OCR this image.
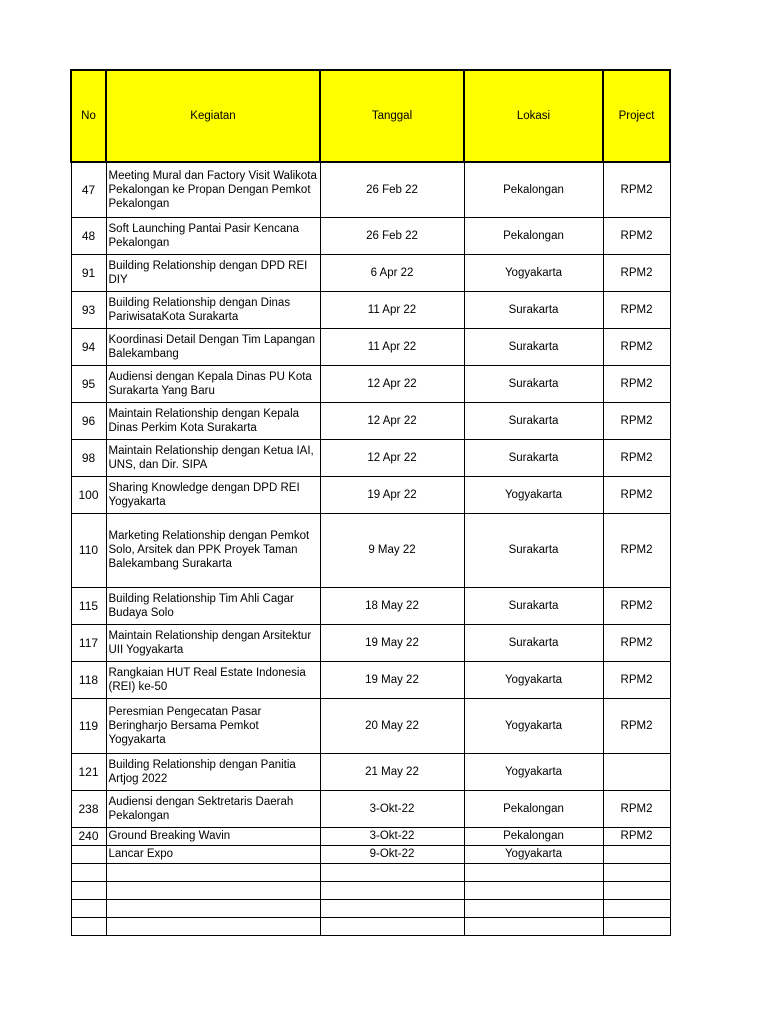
No	Kegiatan	Tanggal	Lokasi	Project
47	Meeting Mural dan Factory Visit Walikota Pekalongan ke Propan Dengan Pemkot Pekalongan	26 Feb 22	Pekalongan	RPM2
48	Soft Launching Pantai Pasir Kencana Pekalongan	26 Feb 22	Pekalongan	RPM2
91	Building Relationship dengan DPD REI DIY	6 Apr 22	Yogyakarta	RPM2
93	Building Relationship dengan Dinas PariwisataKota Surakarta	11 Apr 22	Surakarta	RPM2
94	Koordinasi Detail Dengan Tim Lapangan Balekambang	11 Apr 22	Surakarta	RPM2
95	Audiensi dengan Kepala Dinas PU Kota Surakarta Yang Baru	12 Apr 22	Surakarta	RPM2
96	Maintain Relationship dengan Kepala Dinas Perkim Kota Surakarta	12 Apr 22	Surakarta	RPM2
98	Maintain Relationship dengan Ketua IAI, UNS, dan Dir. SIPA	12 Apr 22	Surakarta	RPM2
100	Sharing Knowledge dengan DPD REI Yogyakarta	19 Apr 22	Yogyakarta	RPM2
110	Marketing Relationship dengan Pemkot Solo, Arsitek dan PPK Proyek Taman Balekambang Surakarta	9 May 22	Surakarta	RPM2
115	Building Relationship Tim Ahli Cagar Budaya Solo	18 May 22	Surakarta	RPM2
117	Maintain Relationship dengan Arsitektur UII Yogyakarta	19 May 22	Surakarta	RPM2
118	Rangkaian HUT Real Estate Indonesia (REI) ke-50	19 May 22	Yogyakarta	RPM2
119	Peresmian Pengecatan Pasar Beringharjo Bersama Pemkot Yogyakarta	20 May 22	Yogyakarta	RPM2
121	Building Relationship dengan Panitia Artjog 2022	21 May 22	Yogyakarta	
238	Audiensi dengan Sektretaris Daerah Pekalongan	3-Okt-22	Pekalongan	RPM2
240	Ground Breaking Wavin	3-Okt-22	Pekalongan	RPM2
	Lancar Expo	9-Okt-22	Yogyakarta	
